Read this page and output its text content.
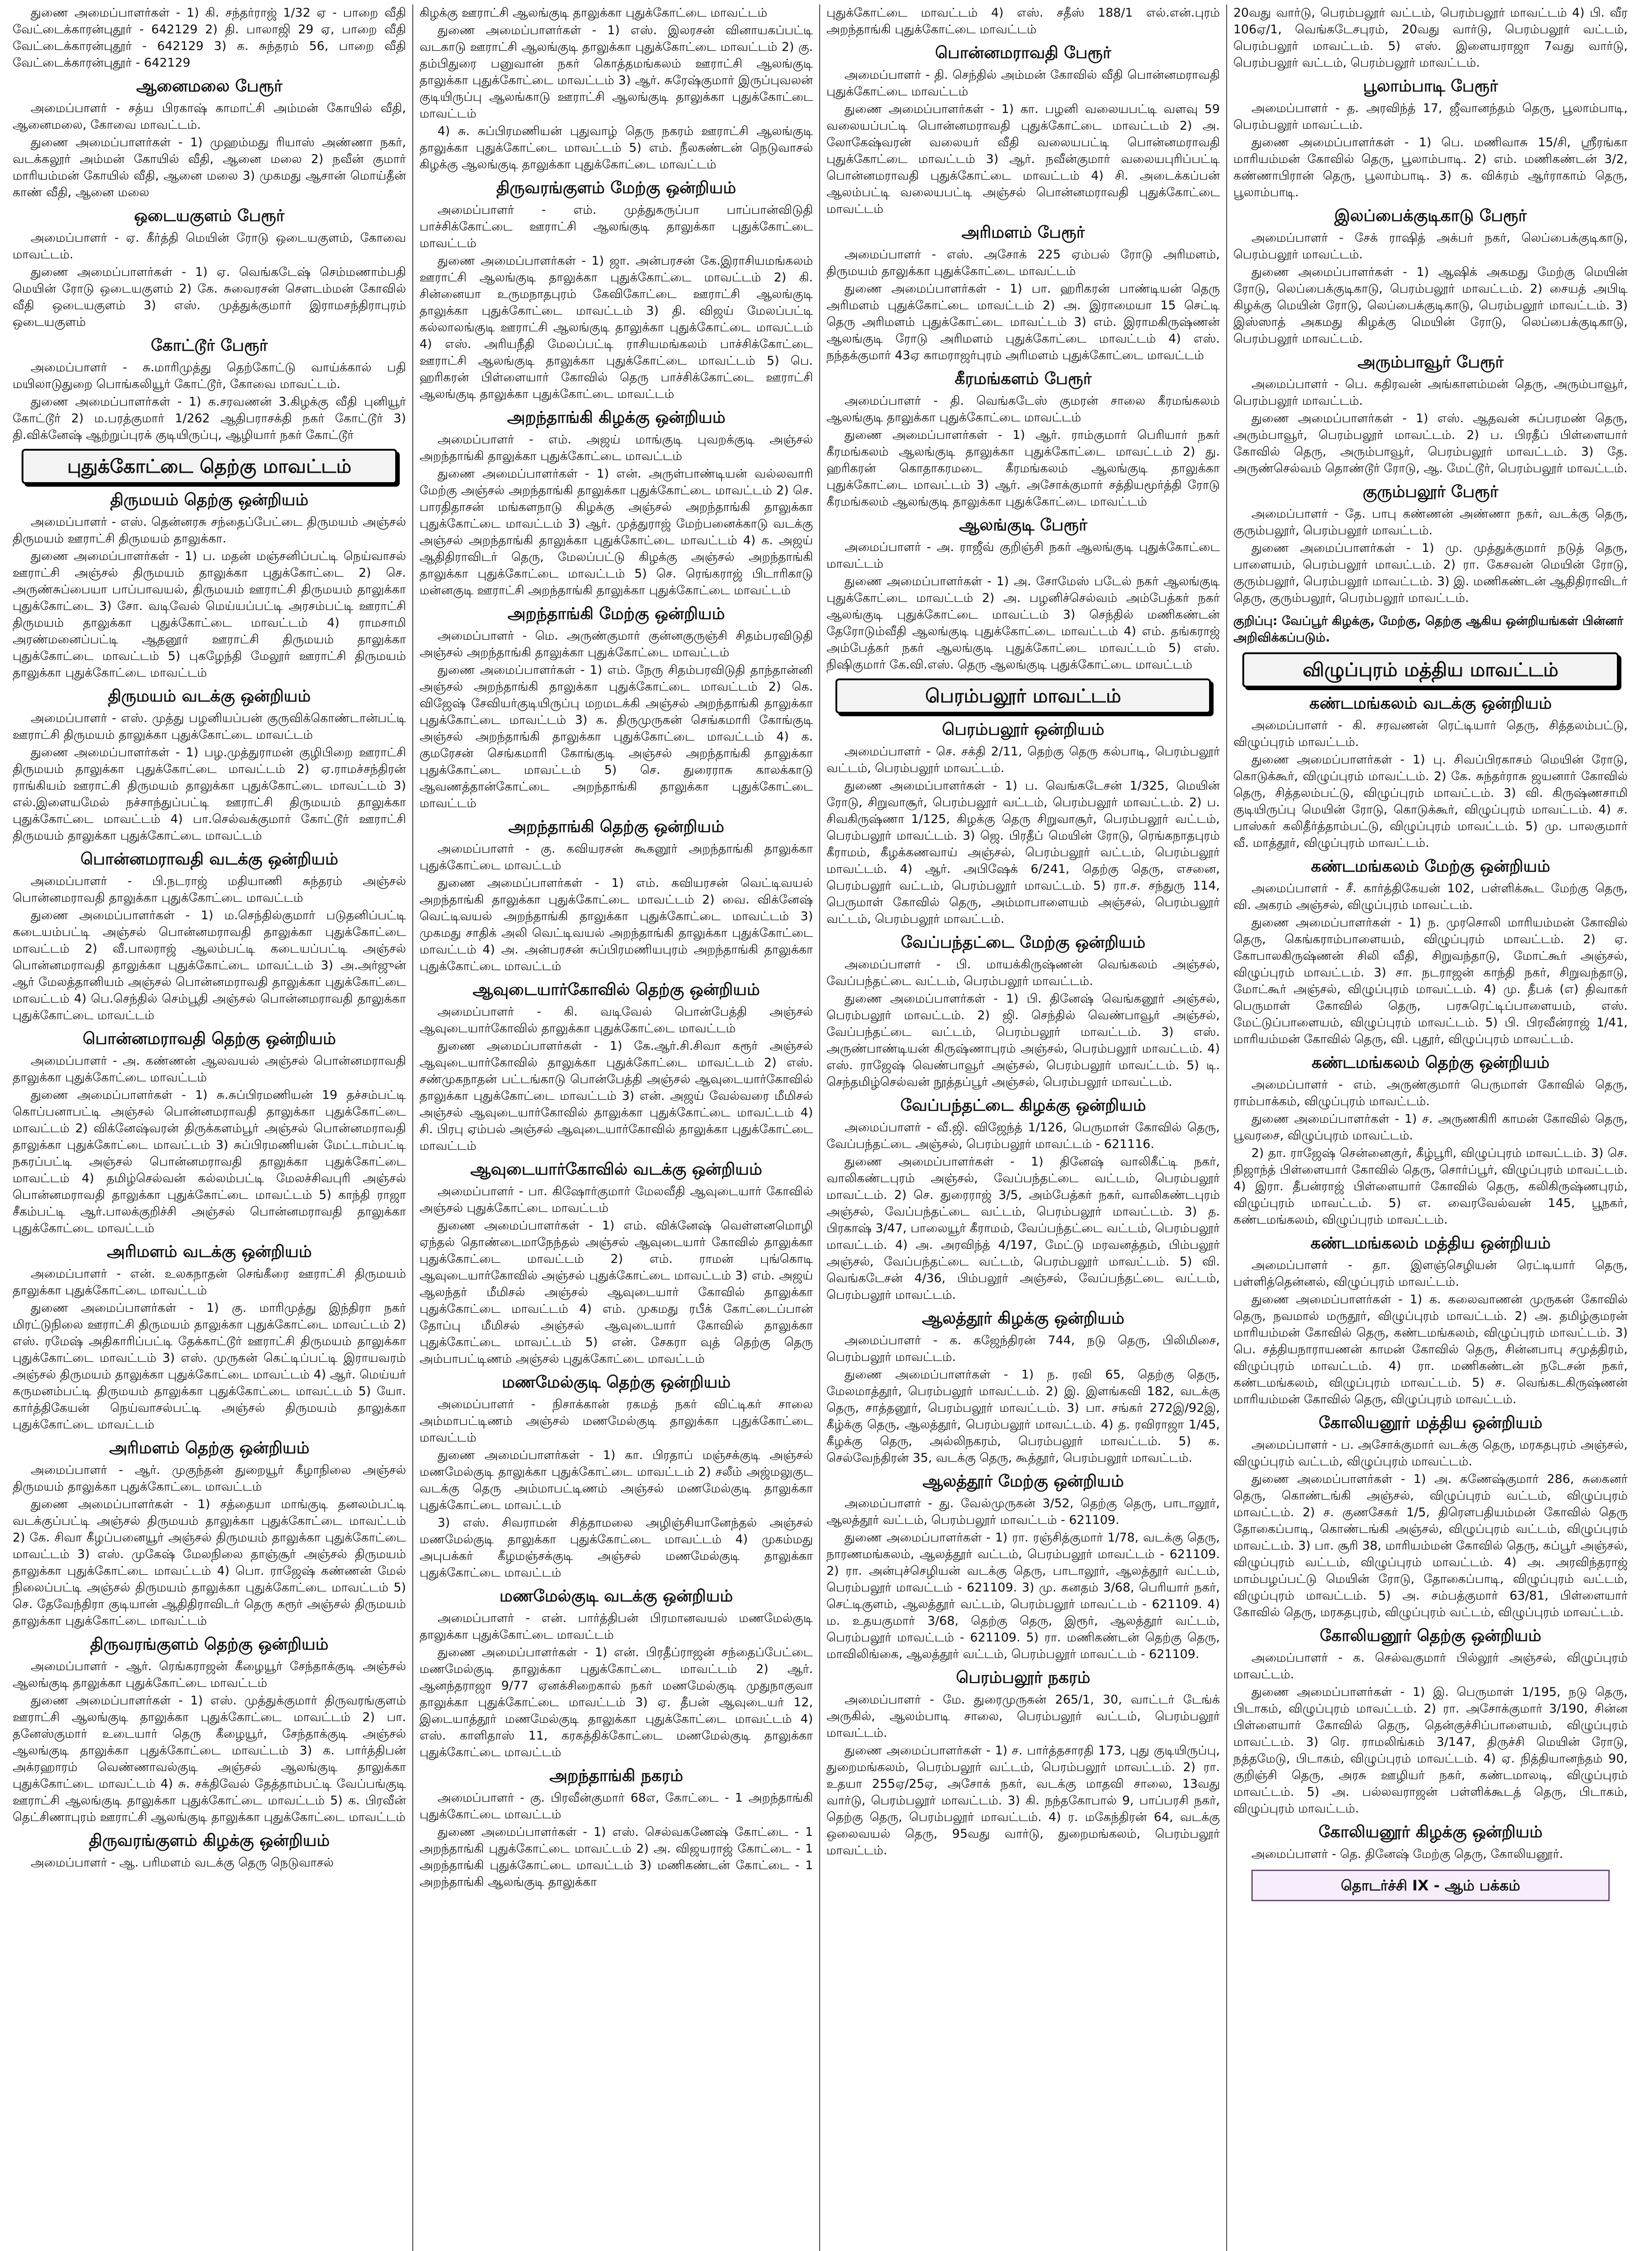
துணை அமைப்பாளர்கள் - 1) கி. சந்தர்ராஜ் 1/32 ஏ - பாறை வீதி வேட்டைக்காரன்புதூர் - 642129 2) தி. பாலாஜி 29 ஏ, பாறை வீதி வேட்டைக்காரன்புதூர் - 642129 3) க. சுந்தரம் 56, பாறை வீதி வேட்டைக்காரன்புதூர் - 642129

ஆனைமலை பேரூர்

அமைப்பாளர் - சத்ய பிரகாஷ் காமாட்சி அம்மன் கோயில் வீதி, ஆனைமலை, கோவை மாவட்டம்.

துணை அமைப்பாளர்கள் - 1) முஹம்மது ரியாஸ் அண்ணா நகர், வடக்கலூர் அம்மன் கோயில் வீதி, ஆனை மலை 2) நவீன் குமார் மாரியம்மன் கோயில் வீதி, ஆனை மலை 3) முகமது ஆசான் மொய்தீன் காண் வீதி, ஆனை மலை

ஒடையகுளம் பேரூர்

அமைப்பாளர் - ஏ. கீர்த்தி மெயின் ரோடு ஒடையகுளம், கோவை மாவட்டம்.

துணை அமைப்பாளர்கள் - 1) ஏ. வெங்கடேஷ் செம்மணாம்பதி மெயின் ரோடு ஒடையகுளம் 2) கே. சுவைரசன் செளடம்மன் கோவில் வீதி ஒடையகுளம் 3) எஸ். முத்துக்குமார் இராமசந்திராபுரம் ஒடையகுளம்

கோட்டூர் பேரூர்

அமைப்பாளர் - சு.மாரிமுத்து தெற்கோட்டு வாய்க்கால் பதி மயிலாடுதுறை பொங்கலியூர் கோட்டூர், கோவை மாவட்டம்.

துணை அமைப்பாளர்கள் - 1) க.சரவணன் 3.கிழக்கு வீதி புனியூர் கோட்டூர் 2) ம.பரத்குமார் 1/262 ஆதிபராசக்தி நகர் கோட்டூர் 3) தி.விக்னேஷ் ஆற்றுப்புரக் குடியிருப்பு, ஆழியார் நகர் கோட்டூர்

புதுக்கோட்டை தெற்கு மாவட்டம்
திருமயம் தெற்கு ஒன்றியம்

அமைப்பாளர் - எஸ். தென்னரசு சந்தைப்பேட்டை திருமயம் அஞ்சல் திருமயம் ஊராட்சி திருமயம் தாலுக்கா.

துணை அமைப்பாளர்கள் - 1) ப. மதன் மஞ்சனிப்பட்டி நெய்வாசல் ஊராட்சி அஞ்சல் திருமயம் தாலுக்கா புதுக்கோட்டை 2) செ. அருண்சுப்பையா பாப்பாவயல், திருமயம் ஊராட்சி திருமயம் தாலுக்கா புதுக்கோட்டை 3) சோ. வடிவேல் மெய்யப்பட்டி அரசம்பட்டி ஊராட்சி திருமயம் தாலுக்கா புதுக்கோட்டை மாவட்டம் 4) ராமசாமி அரண்மனைப்பட்டி ஆதனூர் ஊராட்சி திருமயம் தாலுக்கா புதுக்கோட்டை மாவட்டம் 5) புகழேந்தி மேலூர் ஊராட்சி திருமயம் தாலுக்கா புதுக்கோட்டை மாவட்டம்

திருமயம் வடக்கு ஒன்றியம்

அமைப்பாளர் - எஸ். முத்து பழனியப்பன் குருவிக்கொண்டான்பட்டி ஊராட்சி திருமயம் தாலுக்கா புதுக்கோட்டை மாவட்டம்

துணை அமைப்பாளர்கள் - 1) பழ.முத்துராமன் குழிபிறை ஊராட்சி திருமயம் தாலுக்கா புதுக்கோட்டை மாவட்டம் 2) ஏ.ராமச்சந்திரன் ராங்கியம் ஊராட்சி திருமயம் தாலுக்கா புதுக்கோட்டை மாவட்டம் 3) எல்.இளையமேல் நச்சாந்துப்பட்டி ஊராட்சி திருமயம் தாலுக்கா புதுக்கோட்டை மாவட்டம் 4) பா.செல்வக்குமார் கோட்டூர் ஊராட்சி திருமயம் தாலுக்கா புதுக்கோட்டை மாவட்டம்

பொன்னமராவதி வடக்கு ஒன்றியம்

அமைப்பாளர் - பி.நடராஜ் மதியாணி சுந்தரம் அஞ்சல் பொன்னமராவதி தாலுக்கா புதுக்கோட்டை மாவட்டம்

துணை அமைப்பாளர்கள் - 1) ம.செந்தில்குமார் படுதனிப்பட்டி கடையம்பட்டி அஞ்சல் பொன்னமராவதி தாலுக்கா புதுக்கோட்டை மாவட்டம் 2) வீ.பாலராஜ் ஆலம்பட்டி கடையப்பட்டி அஞ்சல் பொன்னமராவதி தாலுக்கா புதுக்கோட்டை மாவட்டம் 3) அ.அர்ஜுன் ஆர் மேலத்தானியம் அஞ்சல் பொன்னமராவதி தாலுக்கா புதுக்கோட்டை மாவட்டம் 4) பெ.செந்தில் செம்பூதி அஞ்சல் பொன்னமராவதி தாலுக்கா புதுக்கோட்டை மாவட்டம்

பொன்னமராவதி தெற்கு ஒன்றியம்

அமைப்பாளர் - அ. கண்ணன் ஆலவயல் அஞ்சல் பொன்னமராவதி தாலுக்கா புதுக்கோட்டை மாவட்டம்

துணை அமைப்பாளர்கள் - 1) சு.சுப்பிரமணியன் 19 தச்சம்பட்டி கொப்பனாபட்டி அஞ்சல் பொன்னமராவதி தாலுக்கா புதுக்கோட்டை மாவட்டம் 2) விக்னேஷ்வரன் திருக்களம்பூர் அஞ்சல் பொன்னமராவதி தாலுக்கா புதுக்கோட்டை மாவட்டம் 3) சுப்பிரமணியன் மேட்டாம்பட்டி நகரப்பட்டி அஞ்சல் பொன்னமராவதி தாலுக்கா புதுக்கோட்டை மாவட்டம் 4) தமிழ்செல்வன் கல்லம்பட்டி மேலச்சிவபுரி அஞ்சல் பொன்னமராவதி தாலுக்கா புதுக்கோட்டை மாவட்டம் 5) காந்தி ராஜா சீகம்பட்டி ஆர்.பாலக்குறிச்சி அஞ்சல் பொன்னமராவதி தாலுக்கா புதுக்கோட்டை மாவட்டம்

அரிமளம் வடக்கு ஒன்றியம்

அமைப்பாளர் - என். உலகநாதன் செங்கீரை ஊராட்சி திருமயம் தாலுக்கா புதுக்கோட்டை மாவட்டம்

துணை அமைப்பாளர்கள் - 1) கு. மாரிமுத்து இந்திரா நகர் மிரட்டுநிலை ஊராட்சி திருமயம் தாலுக்கா புதுக்கோட்டை மாவட்டம் 2) எஸ். ரமேஷ் அதிகாரிப்பட்டி தேக்காட்டூர் ஊராட்சி திருமயம் தாலுக்கா புதுக்கோட்டை மாவட்டம் 3) எஸ். முருகன் கெட்டிப்பட்டி இராயவரம் அஞ்சல் திருமயம் தாலுக்கா புதுக்கோட்டை மாவட்டம் 4) ஆர். மெய்யர் கருமனம்பட்டி திருமயம் தாலுக்கா புதுக்கோட்டை மாவட்டம் 5) யோ. கார்த்திகேயன் நெய்வாசல்பட்டி அஞ்சல் திருமயம் தாலுக்கா புதுக்கோட்டை மாவட்டம்

அரிமளம் தெற்கு ஒன்றியம்

அமைப்பாளர் - ஆர். முகுந்தன் துறையூர் கீழாநிலை அஞ்சல் திருமயம் தாலுக்கா புதுக்கோட்டை மாவட்டம்

துணை அமைப்பாளர்கள் - 1) சத்தையா மாங்குடி தனலம்பட்டி வடக்குப்பட்டி அஞ்சல் திருமயம் தாலுக்கா புதுக்கோட்டை மாவட்டம் 2) கே. சிவா கீழப்பனையூர் அஞ்சல் திருமயம் தாலுக்கா புதுக்கோட்டை மாவட்டம் 3) எஸ். முகேஷ் மேலநிலை தாஞ்சூர் அஞ்சல் திருமயம் தாலுக்கா புதுக்கோட்டை மாவட்டம் 4) பொ. ராஜேஷ் கண்ணன் மேல் நிலைப்பட்டி அஞ்சல் திருமயம் தாலுக்கா புதுக்கோட்டை மாவட்டம் 5) செ. தேவேந்திரா குடியான் ஆதிதிராவிடர் தெரு கரூர் அஞ்சல் திருமயம் தாலுக்கா புதுக்கோட்டை மாவட்டம்

திருவரங்குளம் தெற்கு ஒன்றியம்

அமைப்பாளர் - ஆர். ரெங்கராஜன் கீழையூர் சேந்தாக்குடி அஞ்சல் ஆலங்குடி தாலுக்கா புதுக்கோட்டை மாவட்டம்

துணை அமைப்பாளர்கள் - 1) எஸ். முத்துக்குமார் திருவரங்குளம் ஊராட்சி ஆலங்குடி தாலுக்கா புதுக்கோட்டை மாவட்டம் 2) பா. தனேஸ்குமார் உடையார் தெரு கீழையூர், சேந்தாக்குடி அஞ்சல் ஆலங்குடி தாலுக்கா புதுக்கோட்டை மாவட்டம் 3) க. பார்த்திபன் அக்ரஹாரம் வெண்ணாவல்குடி அஞ்சல் ஆலங்குடி தாலுக்கா புதுக்கோட்டை மாவட்டம் 4) சு. சக்திவேல் தேத்தாம்பட்டி வேப்பங்குடி ஊராட்சி ஆலங்குடி தாலுக்கா புதுக்கோட்டை மாவட்டம் 5) க. பிரவீன் தெட்சிணாபுரம் ஊராட்சி ஆலங்குடி தாலுக்கா புதுக்கோட்டை மாவட்டம்

திருவரங்குளம் கிழக்கு ஒன்றியம்

அமைப்பாளர் - ஆ. பரிமளம் வடக்கு தெரு நெடுவாசல்

கிழக்கு ஊராட்சி ஆலங்குடி தாலுக்கா புதுக்கோட்டை மாவட்டம்

துணை அமைப்பாளர்கள் - 1) எஸ். இலரசன் வினாயகப்பட்டி வடகாடு ஊராட்சி ஆலங்குடி தாலுக்கா புதுக்கோட்டை மாவட்டம் 2) கு. தம்பிதுரை பனுவான் நகர் கொத்தமங்கலம் ஊராட்சி ஆலங்குடி தாலுக்கா புதுக்கோட்டை மாவட்டம் 3) ஆர். சுரேஷ்குமார் இருப்புவலன் குடியிருப்பு ஆலங்காடு ஊராட்சி ஆலங்குடி தாலுக்கா புதுக்கோட்டை மாவட்டம்

4) சு. சுப்பிரமணியன் புதுவாழ் தெரு நகரம் ஊராட்சி ஆலங்குடி தாலுக்கா புதுக்கோட்டை மாவட்டம் 5) எம். நீலகண்டன் நெடுவாசல் கிழக்கு ஆலங்குடி தாலுக்கா புதுக்கோட்டை மாவட்டம்

திருவரங்குளம் மேற்கு ஒன்றியம்

அமைப்பாளர் - எம். முத்துகருப்பா பாப்பான்விடுதி பாச்சிக்கோட்டை ஊராட்சி ஆலங்குடி தாலுக்கா புதுக்கோட்டை மாவட்டம்

துணை அமைப்பாளர்கள் - 1) ஜா. அன்பரசன் கே.இராசியமங்கலம் ஊராட்சி ஆலங்குடி தாலுக்கா புதுக்கோட்டை மாவட்டம் 2) கி. சின்னையா உருமநாதபுரம் கேவிகோட்டை ஊராட்சி ஆலங்குடி தாலுக்கா புதுக்கோட்டை மாவட்டம் 3) தி. விஜய் மேலப்பட்டி கல்லாலங்குடி ஊராட்சி ஆலங்குடி தாலுக்கா புதுக்கோட்டை மாவட்டம் 4) எஸ். அரியநீதி மேலப்பட்டி ராசியமங்கலம் பாச்சிக்கோட்டை ஊராட்சி ஆலங்குடி தாலுக்கா புதுக்கோட்டை மாவட்டம் 5) பெ. ஹரிகரன் பிள்ளையார் கோவில் தெரு பாச்சிக்கோட்டை ஊராட்சி ஆலங்குடி தாலுக்கா புதுக்கோட்டை மாவட்டம்

அறந்தாங்கி கிழக்கு ஒன்றியம்

அமைப்பாளர் - எம். அஜய் மாங்குடி புவறக்குடி அஞ்சல் அறந்தாங்கி தாலுக்கா புதுக்கோட்டை மாவட்டம்

துணை அமைப்பாளர்கள் - 1) என். அருள்பாண்டியன் வல்லவாரி மேற்கு அஞ்சல் அறந்தாங்கி தாலுக்கா புதுக்கோட்டை மாவட்டம் 2) செ. பாரதிதாசன் மங்களநாடு கிழக்கு அஞ்சல் அறந்தாங்கி தாலுக்கா புதுக்கோட்டை மாவட்டம் 3) ஆர். முத்துராஜ் மேற்பனைக்காடு வடக்கு அஞ்சல் அறந்தாங்கி தாலுக்கா புதுக்கோட்டை மாவட்டம் 4) க. அஜய் ஆதிதிராவிடர் தெரு, மேலப்பட்டு கிழக்கு அஞ்சல் அறந்தாங்கி தாலுக்கா புதுக்கோட்டை மாவட்டம் 5) செ. ரெங்கராஜ் பிடாரிகாடு மன்னகுடி ஊராட்சி அறந்தாங்கி தாலுக்கா புதுக்கோட்டை மாவட்டம்

அறந்தாங்கி மேற்கு ஒன்றியம்

அமைப்பாளர் - மெ. அருண்குமார் குன்னகுருஞ்சி சிதம்பரவிடுதி அஞ்சல் அறந்தாங்கி தாலுக்கா புதுக்கோட்டை மாவட்டம்

துணை அமைப்பாளர்கள் - 1) எம். நேரு சிதம்பரவிடுதி தாந்தான்னி அஞ்சல் அறந்தாங்கி தாலுக்கா புதுக்கோட்டை மாவட்டம் 2) கெ. விஜேஷ் சேவியர்குடியிருப்பு மறமடக்கி அஞ்சல் அறந்தாங்கி தாலுக்கா புதுக்கோட்டை மாவட்டம் 3) க. திருமுருகன் செங்கமாரி கோங்குடி அஞ்சல் அறந்தாங்கி தாலுக்கா புதுக்கோட்டை மாவட்டம் 4) க. குமரேசன் செங்கமாரி கோங்குடி அஞ்சல் அறந்தாங்கி தாலுக்கா புதுக்கோட்டை மாவட்டம் 5) செ. துரைராசு காலக்காடு ஆவணத்தான்கோட்டை அறந்தாங்கி தாலுக்கா புதுக்கோட்டை மாவட்டம்

அறந்தாங்கி தெற்கு ஒன்றியம்

அமைப்பாளர் - கு. கவியரசன் கூகனூர் அறந்தாங்கி தாலுக்கா புதுக்கோட்டை மாவட்டம்

துணை அமைப்பாளர்கள் - 1) எம். கவியரசன் வெட்டிவயல் அறந்தாங்கி தாலுக்கா புதுக்கோட்டை மாவட்டம் 2) வை. விக்னேஷ் வெட்டிவயல் அறந்தாங்கி தாலுக்கா புதுக்கோட்டை மாவட்டம் 3) முகமது சாதிக் அலி வெட்டிவயல் அறந்தாங்கி தாலுக்கா புதுக்கோட்டை மாவட்டம் 4) அ. அன்பரசன் சுப்பிரமணியபுரம் அறந்தாங்கி தாலுக்கா புதுக்கோட்டை மாவட்டம்

ஆவுடையார்கோவில் தெற்கு ஒன்றியம்

அமைப்பாளர் - கி. வடிவேல் பொன்பேத்தி அஞ்சல் ஆவுடையார்கோவில் தாலுக்கா புதுக்கோட்டை மாவட்டம்

துணை அமைப்பாளர்கள் - 1) கே.ஆர்.சி.சிவா கரூர் அஞ்சல் ஆவுடையார்கோவில் தாலுக்கா புதுக்கோட்டை மாவட்டம் 2) எஸ். சண்முகநாதன் பட்டங்காடு பொன்பேத்தி அஞ்சல் ஆவுடையார்கோவில் தாலுக்கா புதுக்கோட்டை மாவட்டம் 3) என். அஜய் வேல்வரை மீமிசல் அஞ்சல் ஆவுடையார்கோவில் தாலுக்கா புதுக்கோட்டை மாவட்டம் 4) சி. பிரபு ஏம்பல் அஞ்சல் ஆவுடையார்கோவில் தாலுக்கா புதுக்கோட்டை மாவட்டம்

ஆவுடையார்கோவில் வடக்கு ஒன்றியம்

அமைப்பாளர் - பா. கிஷோர்குமார் மேலவீதி ஆவுடையார் கோவில் அஞ்சல் புதுக்கோட்டை மாவட்டம்

துணை அமைப்பாளர்கள் - 1) எம். விக்னேஷ் வெள்ளனமொழி ஏந்தல் தொண்டைமாநேந்தல் அஞ்சல் ஆவுடையார் கோவில் தாலுக்கா புதுக்கோட்டை மாவட்டம் 2) எம். ராமன் புங்கொடி ஆவுடையார்கோவில் அஞ்சல் புதுக்கோட்டை மாவட்டம் 3) எம். அஜய் ஆலந்தர் மீமிசல் அஞ்சல் ஆவுடையார் கோவில் தாலுக்கா புதுக்கோட்டை மாவட்டம் 4) எம். முகமது ரபீக் கோட்டைப்பான் தோப்பு மீமிசல் அஞ்சல் ஆவுடையார் கோவில் தாலுக்கா புதுக்கோட்டை மாவட்டம் 5) என். சேகரா வுத் தெற்கு தெரு அம்பாபட்டிணம் அஞ்சல் புதுக்கோட்டை மாவட்டம்

மணமேல்குடி தெற்கு ஒன்றியம்

அமைப்பாளர் - நிசாக்கான் ரகமத் நகர் விட்டிகர் சாலை அம்மாபட்டிணம் அஞ்சல் மணமேல்குடி தாலுக்கா புதுக்கோட்டை மாவட்டம்

துணை அமைப்பாளர்கள் - 1) கா. பிரதாப் மஞ்சக்குடி அஞ்சல் மணமேல்குடி தாலுக்கா புதுக்கோட்டை மாவட்டம் 2) சலீம் அஜ்மலுகுட வடக்கு தெரு அம்மாபட்டிணம் அஞ்சல் மணமேல்குடி தாலுக்கா புதுக்கோட்டை மாவட்டம்

3) எஸ். சிவராமன் சித்தாமலை அழிஞ்சியானேந்தல் அஞ்சல் மணமேல்குடி தாலுக்கா புதுக்கோட்டை மாவட்டம் 4) முகம்மது அபுபக்கர் கீழமஞ்சக்குடி அஞ்சல் மணமேல்குடி தாலுக்கா புதுக்கோட்டை மாவட்டம்

மணமேல்குடி வடக்கு ஒன்றியம்

அமைப்பாளர் - என். பார்த்திபன் பிரமானவயல் மணமேல்குடி தாலுக்கா புதுக்கோட்டை மாவட்டம்

துணை அமைப்பாளர்கள் - 1) என். பிரதீப்ராஜன் சந்தைப்பேட்டை மணமேல்குடி தாலுக்கா புதுக்கோட்டை மாவட்டம் 2) ஆர். ஆனந்தராஜா 9/77 ஏனக்சிறைகால் நகர் மணமேல்குடி முதுநாகுவா தாலுக்கா புதுக்கோட்டை மாவட்டம் 3) ஏ. தீபன் ஆவுடையர் 12, இடையாத்தூர் மணமேல்குடி தாலுக்கா புதுக்கோட்டை மாவட்டம் 4) எஸ். காளிதாஸ் 11, கரகத்திக்கோட்டை மணமேல்குடி தாலுக்கா புதுக்கோட்டை மாவட்டம்

அறந்தாங்கி நகரம்

அமைப்பாளர் - கு. பிரவீன்குமார் 68எ, கோட்டை - 1 அறந்தாங்கி புதுக்கோட்டை மாவட்டம்

துணை அமைப்பாளர்கள் - 1) எஸ். செல்வகணேஷ் கோட்டை - 1 அறந்தாங்கி புதுக்கோட்டை மாவட்டம் 2) அ. விஜயராஜ் கோட்டை - 1 அறந்தாங்கி புதுக்கோட்டை மாவட்டம் 3) மணிகண்டன் கோட்டை - 1 அறந்தாங்கி ஆலங்குடி தாலுக்கா

புதுக்கோட்டை மாவட்டம் 4) எஸ். சதீஸ் 188/1 எல்.என்.புரம் அறந்தாங்கி புதுக்கோட்டை மாவட்டம்

பொன்னமராவதி பேரூர்

அமைப்பாளர் - தி. செந்தில் அம்மன் கோவில் வீதி பொன்னமராவதி புதுக்கோட்டை மாவட்டம்

துணை அமைப்பாளர்கள் - 1) கா. பழனி வலையபட்டி வளவு 59 வலையப்பட்டி பொன்னமராவதி புதுக்கோட்டை மாவட்டம் 2) அ. லோகேஷ்வரன் வலையர் வீதி வலையபட்டி பொன்னமராவதி புதுக்கோட்டை மாவட்டம் 3) ஆர். நவீன்குமார் வலையபுரிப்பட்டி பொன்னமராவதி புதுக்கோட்டை மாவட்டம் 4) சி. அடைக்கப்பன் ஆலம்பட்டி வலையபட்டி அஞ்சல் பொன்னமராவதி புதுக்கோட்டை மாவட்டம்

அரிமளம் பேரூர்

அமைப்பாளர் - எஸ். அசோக் 225 ஏம்பல் ரோடு அரிமளம், திருமயம் தாலுக்கா புதுக்கோட்டை மாவட்டம்

துணை அமைப்பாளர்கள் - 1) பா. ஹரிகரன் பாண்டியன் தெரு அரிமளம் புதுக்கோட்டை மாவட்டம் 2) அ. இராமையா 15 செட்டி தெரு அரிமளம் புதுக்கோட்டை மாவட்டம் 3) எம். இராமகிருஷ்ணன் ஆலங்குடி ரோடு அரிமளம் புதுக்கோட்டை மாவட்டம் 4) எஸ். நந்தக்குமார் 43ஏ காமராஜர்புரம் அரிமளம் புதுக்கோட்டை மாவட்டம்

கீரமங்களம் பேரூர்

அமைப்பாளர் - தி. வெங்கடேஸ் குமரன் சாலை கீரமங்கலம் ஆலங்குடி தாலுக்கா புதுக்கோட்டை மாவட்டம்

துணை அமைப்பாளர்கள் - 1) ஆர். ராம்குமார் பெரியார் நகர் கீரமங்கலம் ஆலங்குடி தாலுக்கா புதுக்கோட்டை மாவட்டம் 2) து. ஹரிகரன் கொதாகரமடை கீரமங்கலம் ஆலங்குடி தாலுக்கா புதுக்கோட்டை மாவட்டம் 3) ஆர். அசோக்குமார் சத்தியமூர்த்தி ரோடு கீரமங்கலம் ஆலங்குடி தாலுக்கா புதுக்கோட்டை மாவட்டம்

ஆலங்குடி பேரூர்

அமைப்பாளர் - அ. ராஜீவ் குறிஞ்சி நகர் ஆலங்குடி புதுக்கோட்டை மாவட்டம்

துணை அமைப்பாளர்கள் - 1) அ. சோமேஸ் படேல் நகர் ஆலங்குடி புதுக்கோட்டை மாவட்டம் 2) அ. பழனிச்செல்வம் அம்பேத்கர் நகர் ஆலங்குடி புதுக்கோட்டை மாவட்டம் 3) செந்தில் மணிகண்டன் தேரோடும்வீதி ஆலங்குடி புதுக்கோட்டை மாவட்டம் 4) எம். தங்கராஜ் அம்பேத்கர் நகர் ஆலங்குடி புதுக்கோட்டை மாவட்டம் 5) எஸ். நிஷிகுமார் கே.வி.எஸ். தெரு ஆலங்குடி புதுக்கோட்டை மாவட்டம்

பெரம்பலூர் மாவட்டம்
பெரம்பலூர் ஒன்றியம்

அமைப்பாளர் - செ. சக்தி 2/11, தெற்கு தெரு கல்பாடி, பெரம்பலூர் வட்டம், பெரம்பலூர் மாவட்டம்.

துணை அமைப்பாளர்கள் - 1) ப. வெங்கடேசன் 1/325, மெயின் ரோடு, சிறுவாசூர், பெரம்பலூர் வட்டம், பெரம்பலூர் மாவட்டம். 2) ப. சிவகிருஷ்ணா 1/125, கிழக்கு தெரு சிறுவாசூர், பெரம்பலூர் வட்டம், பெரம்பலூர் மாவட்டம். 3) ஜெ. பிரதீப் மெயின் ரோடு, ரெங்கநாதபுரம் கீராமம், கீழக்கணவாய் அஞ்சல், பெரம்பலூர் வட்டம், பெரம்பலூர் மாவட்டம். 4) ஆர். அபிஷேக் 6/241, தெற்கு தெரு, எசனை, பெரம்பலூர் வட்டம், பெரம்பலூர் மாவட்டம். 5) ரா.ச. சந்துரு 114, பெருமாள் கோவில் தெரு, அம்மாபாளையம் அஞ்சல், பெரம்பலூர் வட்டம், பெரம்பலூர் மாவட்டம்.

வேப்பந்தட்டை மேற்கு ஒன்றியம்

அமைப்பாளர் - பி. மாயக்கிருஷ்ணன் வெங்கலம் அஞ்சல், வேப்பந்தட்டை வட்டம், பெரம்பலூர் மாவட்டம்.

துணை அமைப்பாளர்கள் - 1) பி. தினேஷ் வெங்கனூர் அஞ்சல், பெரம்பலூர் மாவட்டம். 2) ஜி. செந்தில் வெண்பாவூர் அஞ்சல், வேப்பந்தட்டை வட்டம், பெரம்பலூர் மாவட்டம். 3) எஸ். அருண்பாண்டியன் கிருஷ்ணாபுரம் அஞ்சல், பெரம்பலூர் மாவட்டம். 4) எஸ். ராஜேஷ் வெண்பாவூர் அஞ்சல், பெரம்பலூர் மாவட்டம். 5) டி. செந்தமிழ்செல்வன் நூத்தப்பூர் அஞ்சல், பெரம்பலூர் மாவட்டம்.

வேப்பந்தட்டை கிழக்கு ஒன்றியம்

அமைப்பாளர் - வீ.ஜி. விஜேந்த் 1/126, பெருமாள் கோவில் தெரு, வேப்பந்தட்டை அஞ்சல், பெரம்பலூர் மாவட்டம் - 621116.

துணை அமைப்பாளர்கள் - 1) தினேஷ் வாலிகீட்டி நகர், வாலிகண்டபுரம் அஞ்சல், வேப்பந்தட்டை வட்டம், பெரம்பலூர் மாவட்டம். 2) செ. துரைராஜ் 3/5, அம்பேத்கர் நகர், வாலிகண்டபுரம் அஞ்சல், வேப்பந்தட்டை வட்டம், பெரம்பலூர் மாவட்டம். 3) த. பிரகாஷ் 3/47, பாலையூர் கீராமம், வேப்பந்தட்டை வட்டம், பெரம்பலூர் மாவட்டம். 4) அ. அரவிந்த் 4/197, மேட்டு மரவனத்தம், பிம்பலூர் அஞ்சல், வேப்பந்தட்டை வட்டம், பெரம்பலூர் மாவட்டம். 5) வி. வெங்கடேசன் 4/36, பிம்பலூர் அஞ்சல், வேப்பந்தட்டை வட்டம், பெரம்பலூர் மாவட்டம்.

ஆலத்தூர் கிழக்கு ஒன்றியம்

அமைப்பாளர் - க. கஜேந்திரன் 744, நடு தெரு, பிலிமிசை, பெரம்பலூர் மாவட்டம்.

துணை அமைப்பாளர்கள் - 1) ந. ரவி 65, தெற்கு தெரு, மேலமாத்தூர், பெரம்பலூர் மாவட்டம். 2) இ. இளங்கவி 182, வடக்கு தெரு, சாத்தனூர், பெரம்பலூர் மாவட்டம். 3) பா. சங்கர் 272இ/92இ, கீழ்க்கு தெரு, ஆலத்தூர், பெரம்பலூர் மாவட்டம். 4) த. ரவிராஜா 1/45, கீழக்கு தெரு, அல்லிநகரம், பெரம்பலூர் மாவட்டம். 5) க. செல்வேந்திரன் 35, வடக்கு தெரு, கூத்தூர், பெரம்பலூர் மாவட்டம்.

ஆலத்தூர் மேற்கு ஒன்றியம்

அமைப்பாளர் - து. வேல்முருகன் 3/52, தெற்கு தெரு, பாடாலூர், ஆலத்தூர் வட்டம், பெரம்பலூர் மாவட்டம் - 621109.

துணை அமைப்பாளர்கள் - 1) ரா. ரஞ்சித்குமார் 1/78, வடக்கு தெரு, நாரணமங்கலம், ஆலத்தூர் வட்டம், பெரம்பலூர் மாவட்டம் - 621109. 2) ரா. அன்புச்செழியன் வடக்கு தெரு, பாடாலூர், ஆலத்தூர் வட்டம், பெரம்பலூர் மாவட்டம் - 621109. 3) மு. கனதம் 3/68, பெரியார் நகர், செட்டிகுளம், ஆலத்தூர் வட்டம், பெரம்பலூர் மாவட்டம் - 621109. 4) ம. உதயகுமார் 3/68, தெற்கு தெரு, இரூர், ஆலத்தூர் வட்டம், பெரம்பலூர் மாவட்டம் - 621109. 5) ரா. மணிகண்டன் தெற்கு தெரு, மாவிலிங்கை, ஆலத்தூர் வட்டம், பெரம்பலூர் மாவட்டம் - 621109.

பெரம்பலூர் நகரம்

அமைப்பாளர் - மே. துரைமுருகன் 265/1, 30, வாட்டர் டேங்க் அருகில், ஆலம்பாடி சாலை, பெரம்பலூர் வட்டம், பெரம்பலூர் மாவட்டம்.

துணை அமைப்பாளர்கள் - 1) ச. பார்த்தசாரதி 173, புது குடியிருப்பு, துறைமங்கலம், பெரம்பலூர் வட்டம், பெரம்பலூர் மாவட்டம். 2) ரா. உதயா 255ஏ/25ஏ, அசோக் நகர், வடக்கு மாதவி சாலை, 13வது வார்டு, பெரம்பலூர் மாவட்டம். 3) கி. நந்தகோபால் 9, பாப்பரசி நகர், தெற்கு தெரு, பெரம்பலூர் மாவட்டம். 4) ர. மகேந்திரன் 64, வடக்கு ஒலைவயல் தெரு, 95வது வார்டு, துறைமங்கலம், பெரம்பலூர் மாவட்டம்.

20வது வார்டு, பெரம்பலூர் வட்டம், பெரம்பலூர் மாவட்டம் 4) பி. வீர 106ஏ/1, வெங்கடேசபுரம், 20வது வார்டு, பெரம்பலூர் வட்டம், பெரம்பலூர் மாவட்டம். 5) எஸ். இளையராஜா 7வது வார்டு, பெரம்பலூர் வட்டம், பெரம்பலூர் மாவட்டம்.

பூலாம்பாடி பேரூர்

அமைப்பாளர் - த. அரவிந்த் 17, ஜீவானந்தம் தெரு, பூலாம்பாடி, பெரம்பலூர் மாவட்டம்.

துணை அமைப்பாளர்கள் - 1) பெ. மணிவாசு 15/சி, ஸ்ரீரங்கா மாரியம்மன் கோவில் தெரு, பூலாம்பாடி. 2) எம். மணிகண்டன் 3/2, கண்ணாபிரான் தெரு, பூலாம்பாடி. 3) க. விக்ரம் ஆர்ராகாம் தெரு, பூலாம்பாடி.

இலப்பைக்குடிகாடு பேரூர்

அமைப்பாளர் - சேக் ராஷித் அக்பர் நகர், லெப்பைக்குடிகாடு, பெரம்பலூர் மாவட்டம்.

துணை அமைப்பாளர்கள் - 1) ஆஷிக் அகமது மேற்கு மெயின் ரோடு, லெப்பைக்குடிகாடு, பெரம்பலூர் மாவட்டம். 2) சையத் அபிடி கிழக்கு மெயின் ரோடு, லெப்பைக்குடிகாடு, பெரம்பலூர் மாவட்டம். 3) இஸ்ஸாத் அகமது கிழக்கு மெயின் ரோடு, லெப்பைக்குடிகாடு, பெரம்பலூர் மாவட்டம்.

அரும்பாவூர் பேரூர்

அமைப்பாளர் - பெ. கதிரவன் அங்காளம்மன் தெரு, அரும்பாவூர், பெரம்பலூர் மாவட்டம்.

துணை அமைப்பாளர்கள் - 1) எஸ். ஆதவன் சுப்பரமண் தெரு, அரும்பாவூர், பெரம்பலூர் மாவட்டம். 2) ப. பிரதீப் பிள்ளையார் கோவில் தெரு, அரும்பாவூர், பெரம்பலூர் மாவட்டம். 3) தே. அருண்செல்வம் தொண்டூர் ரோடு, ஆ. மேட்டூர், பெரம்பலூர் மாவட்டம்.

குரும்பலூர் பேரூர்

அமைப்பாளர் - தே. பாபு கண்ணன் அண்ணா நகர், வடக்கு தெரு, குரும்பலூர், பெரம்பலூர் மாவட்டம்.

துணை அமைப்பாளர்கள் - 1) மு. முத்துக்குமார் நடுத் தெரு, பாளையம், பெரம்பலூர் மாவட்டம். 2) ரா. கேசவன் மெயின் ரோடு, குரும்பலூர், பெரம்பலூர் மாவட்டம். 3) இ. மணிகண்டன் ஆதிதிராவிடர் தெரு, குரும்பலூர், பெரம்பலூர் மாவட்டம்.

குறிப்பு: வேப்பூர் கிழக்கு, மேற்கு, தெற்கு ஆகிய ஒன்றியங்கள் பின்னர் அறிவிக்கப்படும்.

விழுப்புரம் மத்திய மாவட்டம்
கண்டமங்கலம் வடக்கு ஒன்றியம்

அமைப்பாளர் - கி. சரவணன் ரெட்டியார் தெரு, சித்தலம்பட்டு, விழுப்புரம் மாவட்டம்.

துணை அமைப்பாளர்கள் - 1) பு. சிவப்பிரகாசம் மெயின் ரோடு, கொடுக்கூர், விழுப்புரம் மாவட்டம். 2) கே. சுந்தர்ராசு ஜயனார் கோவில் தெரு, சித்தலம்பட்டு, விழுப்புரம் மாவட்டம். 3) வி. கிருஷ்ணசாமி குடியிருப்பு மெயின் ரோடு, கொடுக்கூர், விழுப்புரம் மாவட்டம். 4) ச. பாஸ்கர் கலிதீர்த்தாம்பட்டு, விழுப்புரம் மாவட்டம். 5) மு. பாலகுமார் வீ. மாத்தூர், விழுப்புரம் மாவட்டம்.

கண்டமங்கலம் மேற்கு ஒன்றியம்

அமைப்பாளர் - சீ. கார்த்திகேயன் 102, பள்ளிக்கூட மேற்கு தெரு, வி. அகரம் அஞ்சல், விழுப்புரம் மாவட்டம்.

துணை அமைப்பாளர்கள் - 1) ந. முரசொலி மாரியம்மன் கோவில் தெரு, கெங்கராம்பாளையம், விழுப்புரம் மாவட்டம். 2) ஏ. கோபாலகிருஷ்ணன் சிலி வீதி, சிறுவந்தாடு, மோட்கூர் அஞ்சல், விழுப்புரம் மாவட்டம். 3) சா. நடராஜன் காந்தி நகர், சிறுவந்தாடு, மோட்கூர் அஞ்சல், விழுப்புரம் மாவட்டம். 4) மு. தீபக் (எ) திவாகர் பெருமாள் கோவில் தெரு, பரசுரெட்டிப்பாளையம், எஸ். மேட்டுப்பாளையம், விழுப்புரம் மாவட்டம். 5) பி. பிரவீன்ராஜ் 1/41, மாரியம்மன் கோவில் தெரு, வி. புதூர், விழுப்புரம் மாவட்டம்.

கண்டமங்கலம் தெற்கு ஒன்றியம்

அமைப்பாளர் - எம். அருண்குமார் பெருமாள் கோவில் தெரு, ராம்பாக்கம், விழுப்புரம் மாவட்டம்.

துணை அமைப்பாளர்கள் - 1) ச. அருணகிரி காமன் கோவில் தெரு, பூவரசை, விழுப்புரம் மாவட்டம்.

2) தா. ராஜேஷ் சென்னைகுர், கீழ்பூரி, விழுப்புரம் மாவட்டம். 3) செ. நிஜாந்த் பிள்ளையார் கோவில் தெரு, சொர்ப்பூர், விழுப்புரம் மாவட்டம். 4) இரா. தீபன்ராஜ் பிள்ளையார் கோவில் தெரு, கலிகிருஷ்ணபுரம், விழுப்புரம் மாவட்டம். 5) எ. வைரவேல்வன் 145, பூநகர், கண்டமங்கலம், விழுப்புரம் மாவட்டம்.

கண்டமங்கலம் மத்திய ஒன்றியம்

அமைப்பாளர் - தா. இளஞ்செழியன் ரெட்டியார் தெரு, பள்ளித்தென்னல், விழுப்புரம் மாவட்டம்.

துணை அமைப்பாளர்கள் - 1) க. கலைவாணன் முருகன் கோவில் தெரு, நவமால் மருதூர், விழுப்புரம் மாவட்டம். 2) அ. தமிழ்குமரன் மாரியம்மன் கோவில் தெரு, கண்டமங்கலம், விழுப்புரம் மாவட்டம். 3) பெ. சத்தியநாராயணன் காமன் கோவில் தெரு, சின்னபாபு சமுத்திரம், விழுப்புரம் மாவட்டம். 4) ரா. மணிகண்டன் நடேசன் நகர், கண்டமங்கலம், விழுப்புரம் மாவட்டம். 5) ச. வெங்கடகிருஷ்ணன் மாரியம்மன் கோவில் தெரு, விழுப்புரம் மாவட்டம்.

கோலியனூர் மத்திய ஒன்றியம்

அமைப்பாளர் - ப. அசோக்குமார் வடக்கு தெரு, மரகதபுரம் அஞ்சல், விழுப்புரம் வட்டம், விழுப்புரம் மாவட்டம்.

துணை அமைப்பாளர்கள் - 1) அ. கணேஷ்குமார் 286, சுகைனர் தெரு, கொண்டங்கி அஞ்சல், விழுப்புரம் வட்டம், விழுப்புரம் மாவட்டம். 2) ச. குணசேகர் 1/5, திரௌபதியம்மன் கோவில் தெரு தோகைப்பாடி, கொண்டங்கி அஞ்சல், விழுப்புரம் வட்டம், விழுப்புரம் மாவட்டம். 3) பா. சூரி 38, மாரியம்மன் கோவில் தெரு, கப்பூர் அஞ்சல், விழுப்புரம் வட்டம், விழுப்புரம் மாவட்டம். 4) அ. அரவிந்தராஜ் மாம்பழப்பட்டு மெயின் ரோடு, தோகைப்பாடி, விழுப்புரம் வட்டம், விழுப்புரம் மாவட்டம். 5) அ. சம்பத்குமார் 63/81, பிள்ளையார் கோவில் தெரு, மரகதபுரம், விழுப்புரம் வட்டம், விழுப்புரம் மாவட்டம்.

கோலியனூர் தெற்கு ஒன்றியம்

அமைப்பாளர் - க. செல்வகுமார் பில்லூர் அஞ்சல், விழுப்புரம் மாவட்டம்.

துணை அமைப்பாளர்கள் - 1) இ. பெருமாள் 1/195, நடு தெரு, பிடாகம், விழுப்புரம் மாவட்டம். 2) ரா. அசோக்குமார் 3/190, சின்ன பிள்ளையார் கோவில் தெரு, தென்குச்சிப்பாளையம், விழுப்புரம் மாவட்டம். 3) ரெ. ராமலிங்கம் 3/147, திருச்சி மெயின் ரோடு, நத்தமேடு, பிடாகம், விழுப்புரம் மாவட்டம். 4) ஏ. நித்தியானந்தம் 90, குறிஞ்சி தெரு, அரசு ஊழியர் நகர், கண்டமாலடி, விழுப்புரம் மாவட்டம். 5) அ. பல்லவராஜன் பள்ளிக்கூடத் தெரு, பிடாகம், விழுப்புரம் மாவட்டம்.

கோலியனூர் கிழக்கு ஒன்றியம்

அமைப்பாளர் - தெ. தினேஷ் மேற்கு தெரு, கோலியனூர்.

தொடர்ச்சி IX - ஆம் பக்கம்
